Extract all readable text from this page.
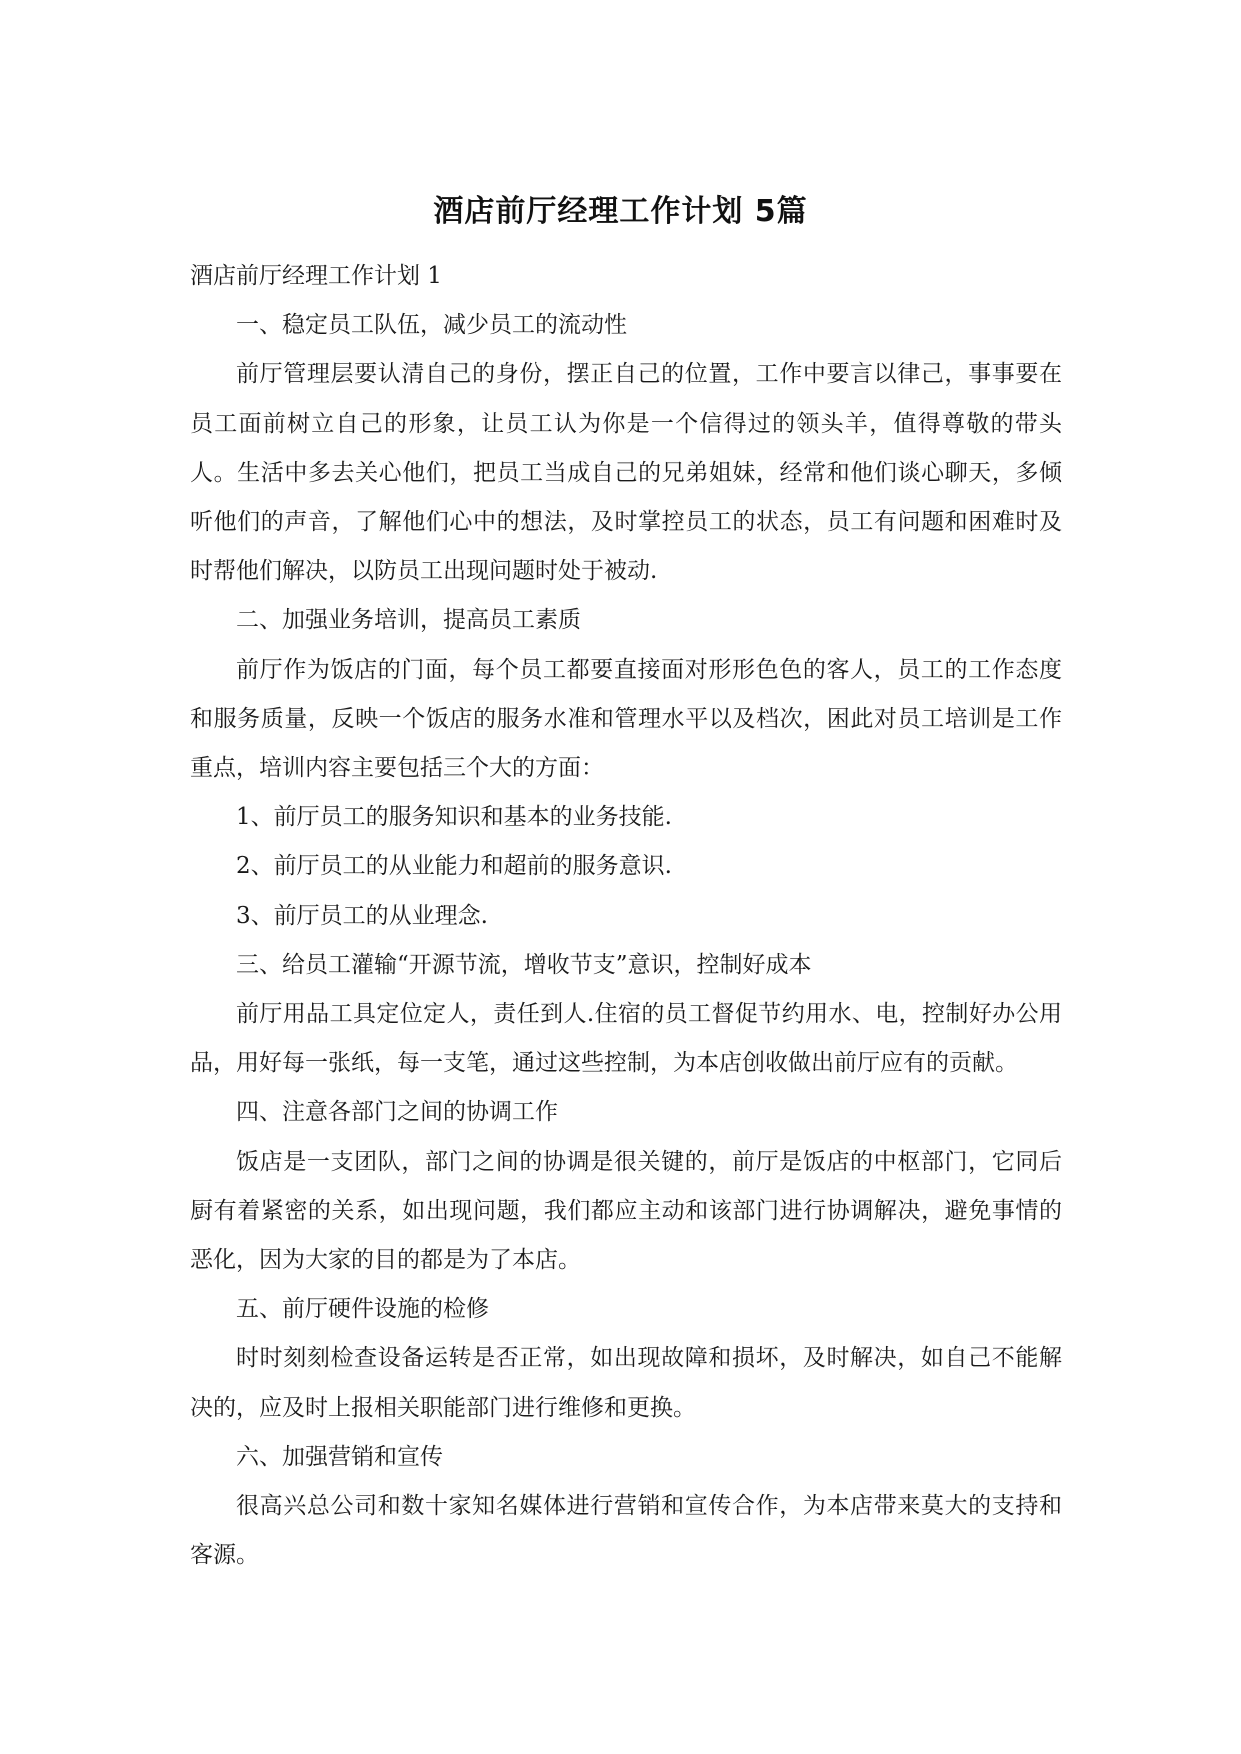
酒店前厅经理工作计划 5篇

酒店前厅经理工作计划 1

一、稳定员工队伍，减少员工的流动性

前厅管理层要认清自己的身份，摆正自己的位置，工作中要言以律己，事事要在员工面前树立自己的形象，让员工认为你是一个信得过的领头羊，值得尊敬的带头人。生活中多去关心他们，把员工当成自己的兄弟姐妹，经常和他们谈心聊天，多倾听他们的声音，了解他们心中的想法，及时掌控员工的状态，员工有问题和困难时及时帮他们解决，以防员工出现问题时处于被动.

二、加强业务培训，提高员工素质

前厅作为饭店的门面，每个员工都要直接面对形形色色的客人，员工的工作态度和服务质量，反映一个饭店的服务水准和管理水平以及档次，困此对员工培训是工作重点，培训内容主要包括三个大的方面：

1、前厅员工的服务知识和基本的业务技能.

2、前厅员工的从业能力和超前的服务意识.

3、前厅员工的从业理念.

三、给员工灌输“开源节流，增收节支”意识，控制好成本

前厅用品工具定位定人，责任到人.住宿的员工督促节约用水、电，控制好办公用品，用好每一张纸，每一支笔，通过这些控制，为本店创收做出前厅应有的贡献。

四、注意各部门之间的协调工作

饭店是一支团队，部门之间的协调是很关键的，前厅是饭店的中枢部门，它同后厨有着紧密的关系，如出现问题，我们都应主动和该部门进行协调解决，避免事情的恶化，因为大家的目的都是为了本店。

五、前厅硬件设施的检修

时时刻刻检查设备运转是否正常，如出现故障和损坏，及时解决，如自己不能解决的，应及时上报相关职能部门进行维修和更换。

六、加强营销和宣传

很高兴总公司和数十家知名媒体进行营销和宣传合作，为本店带来莫大的支持和客源。
